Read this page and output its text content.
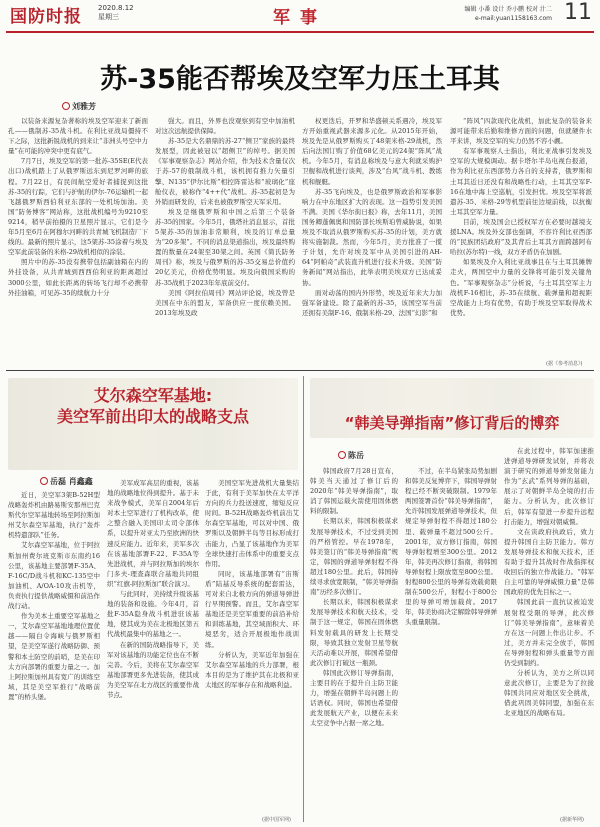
国防时报 2020.8.12
星期三	军事	编辑 小番 设计 乔小鹏 校对 汁二
e-mail:yuan1158163.com 11
苏-35能否帮埃及空军力压土耳其
刘雅芳

以装备来源复杂著称的埃及空军迎来了新面孔——俄制苏-35战斗机。在利比亚战局僵持不下之际，这批新锐战机的到来让“非洲头号空中力量”在可能的冲突中更有底气。

7月7日，埃及空军的第一批苏-35SE(E代表出口)战机踏上了从俄罗斯远东到尼罗河畔的旅程。7月22日，有民间航空爱好者捕捉到这批苏-35的行踪，它们与护航的伊尔-76运输机一起飞越俄罗斯西伯利亚东部的一处机场加油。美国“防务博客”网站称，这批战机编号为9210至9214，稍早前拍摄的卫星照片显示，它们是今年5月至6月在阿穆尔河畔的共青城飞机制造厂下线的。最新的照片显示，这5架苏-35涂着与埃及空军此前装备的米格-29战机相似的涂装。

照片中的苏-35没有携带包括副油箱在内的外挂设备，从共青城到西西伯利亚的距离超过3000公里，如此长距离的转场飞行却不必携带外挂油箱，可见苏-35的续航力十分

强大。而且，外界也没观察到有空中加油机对这次远航提供保障。

苏-35是大名鼎鼎的苏-27“侧卫”家族的最终发展型，因此被冠以“超侧卫”的绰号。据美国《军事观察杂志》网站介绍，作为技术含量仅次于苏-57的俄制战斗机，该机拥有推力矢量引擎、N135“伊尔比斯”相控阵雷达和“玻璃化”座舱仪表，被称作“4++代”战机。苏-35起初是为外销而研发的，后来也被俄罗斯空天军采用。

埃及是继俄罗斯和中国之后第三个装备苏-35的国家。今年5月，俄塔社消息显示，首批5架苏-35的加油非常顺利，埃及的订单总量为“20多架”。不同的消息渠道指出，埃及最终购置的数量在24架至30架之间。英国《简氏防务周刊》称，埃及与俄罗斯的苏-35交易总价值约20亿美元，价格优势明显。埃及向俄国采购的苏-35战机于2023年年底前交付。

美国《阿拉伯周刊》网站评论说，埃及曾是美国在中东的盟友，军备供应一度依赖美国。2013年埃及政

权更迭后，开罗和华盛顿关系遇冷，埃及军方开始重视武器来源多元化。从2015年开始，埃及先是从俄罗斯购买了48架米格-29战机，然后向法国订购了价值68亿美元的24架“阵风”战机。今年5月，有消息称埃及与意大利就采购护卫舰和战机进行谈判，涉及“台风”战斗机、教练机和舰艇。

苏-35飞向埃及，也是俄罗斯政治和军事影响力在中东地区扩大的表现。这一趋势引发美国不满。美国《华尔街日报》称，去年11月，美国国务卿蓬佩奥和国防部长埃斯珀曾威胁说，如果埃及不取消从俄罗斯购买苏-35的计划，美方就将实施制裁。然而，今年5月，美方批准了一揽子计划，允许对埃及军中从美国引进的AH-64“阿帕奇”武装直升机进行技术升级。美国“防务新闻”网站指出，此举表明美埃双方已达成妥协。

面对动荡的国内外形势，埃及近年来大力加强军备建设。除了最新的苏-35，该国空军当前还拥有美制F-16、俄制米格-29、法国“幻影”和

“阵风”四款现代化战机，加此复杂的装备来源可能带来后勤和维修方面的问题，但就硬件水平来讲，埃及空军的实力仍然不容小觑。

有军事观察人士指出，利比亚战事引发埃及空军的大规模调动。据卡塔尔半岛电视台报道，作为利比亚东西部势力各自的支持者，俄罗斯和土耳其近日还没有和战略性行动，土耳其空军F-16在地中海上空巡航，引发担忧。埃及空军将派遣苏-35、米格-29等机型前往边境前线，以抗衡土耳其空军力量。

目前，埃及国会已授权军方在必要时越境支援LNA。埃及外交部也强调，不容许利比亚西部的“民族团结政府”及其背后土耳其方面跨越阿布哈拉(苏尔特)一线，双方矛盾仍在加剧。

如果埃及介入利比亚战事且在与土耳其摊牌走火，两国空中力量的交锋将可能引发关键角色。“军事观察杂志”分析说，与土耳其空军主力战机F-16相比，苏-35在续航、载弹量和超视距空战能力上均有优势，有助于埃及空军取得战术优势。

(据《参考消息》)
艾尔森空军基地:
美空军前出印太的战略支点
岳磊 肖鑫鑫

近日，美空军3架B-52H型战略轰炸机由路易斯安那州巴克斯代尔空军基地转场至阿拉斯加州艾尔森空军基地，执行“轰炸机特遣部队”任务。

艾尔森空军基地，位于阿拉斯加州费尔班克斯市东南约16公里，该基地主要部署F-35A、F-16C/D战斗机和KC-135空中加油机、A/OA-10攻击机等，负责执行提供战略威慑和前沿作战行动。

作为美本土重要空军基地之一，艾尔森空军基地地理位置优越——隔白令海峡与俄罗斯相望，是美空军遂行战略防御、预警和本土防空的前哨，是美在印太方向部署的重要力量之一。加上阿拉斯加州具有宽广的训练空域，其是美空军推行“战略前置”的桥头堡。

美军成军高层的重视，该基地的战略地位得到提升。基于未来战争模式，美军自2004年后对本土空军进行了机构改革，使之整合融入美国印太司令部体系，以提升对亚太乃至欧洲的快速反应能力。近年来，美军多次在该基地部署F-22、F-35A等先进战机，并与阿拉斯加的埃尔门多夫-理查森联合基地共同组织“红旗-阿拉斯加”联合演习。

与此同时，美持续升级该基地的装备和设施。今年4月，首批F-35A隐身战斗机进驻该基地，使其成为美在北极地区第五代战机最集中的基地之一。

在新的国防战略指导下，美军对该基地的功能定位也在不断完善。今后，美将在艾尔森空军基地部署更多先进装备，使其成为美空军在北方战区的重要作战节点。

美国空军先进战机大量集结于此，有利于美军加快在太平洋方向的兵力投送速度，缩短反应时间。B-52H战略轰炸机前出艾尔森空军基地，可以对中国、俄罗斯以及朝鲜半岛等目标形成打击能力，凸显了该基地作为美军全球快速打击体系中的重要支点作用。

同时，该基地部署有“宙斯盾”陆基反导系统的配套雷达，可对来自北极方向的弹道导弹进行早期预警。而且，艾尔森空军基地还是美空军重要的前沿补给和训练基地，其空域面积大、环境恶劣，适合开展极地作战训练。

分析认为，美军近年加强在艾尔森空军基地的兵力部署，根本目的是为了维护其在北极和亚太地区的军事存在和战略利益。

(据中国军网)
“韩美导弹指南”修订背后的博弈
陈岳

韩国政府7月28日宣布，韩美当天通过了修订后的2020年“韩美导弹指南”，取消了韩国运载火箭使用固体燃料的限制。

长期以来，韩国积极谋求发展导弹技术，不过受到美国的严格管控。早在1978年，韩美签订的“韩美导弹指南”规定，韩国的弹道导弹射程不得超过180公里。此后，韩国持续寻求放宽限制，“韩美导弹指南”历经多次修订。

长期以来，韩国积极谋求发展导弹技术和航天技术，受制于这一规定，韩国在固体燃料发射载具的研发上长期受限，导致其独立发射卫星等航天活动难以开展，韩国希望借此次修订打破这一瓶颈。

韩国此次修订导弹指南，主要目的在于提升自主防卫能力，增强在朝鲜半岛问题上的话语权。同时，韩国也希望借此发展航天产业，以便在未来太空竞争中占据一席之地。

不过，在半岛紧张局势加剧和韩美反复博弈下，韩国导弹射程已经不断突破限制。1979年两国签署首份“韩美导弹指南”，允许韩国发展弹道导弹技术，但规定导弹射程不得超过180公里、载弹量不超过500公斤。2001年，双方修订指南，韩国导弹射程增至300公里。2012年，韩美再次修订指南，将韩国导弹射程上限放宽至800公里。射程800公里的导弹有效载荷限制在500公斤，射程小于800公里的导弹可增加载荷。2017年，韩美协商决定解除韩导弹弹头重量限制。

在此过程中，韩军加速推进弹道导弹研发试射，并将表演于研究的弹道导弹发射能力作为“玄武”系列导弹的基础，展示了对朝鲜半岛全境的打击能力。分析认为，此次修订后，韩军有望进一步提升远程打击能力，增强对朝威慑。

文在寅政府执政后，致力提升韩国自主防卫能力。韩方发展导弹技术和航天技术，还有助于提升其战时作战指挥权收回后的独立作战能力。“韩军自主可靠的导弹威慑力量”是韩国政府的优先目标之一。

韩国此前一直抗议被迫发展射程受限的导弹，此次修订“韩美导弹指南”，意味着美方在这一问题上作出让步。不过，美方并未完全放手，韩国在导弹射程和弹头重量等方面仍受到制约。

分析认为，美方之所以同意此次修订，主要是为了拉拢韩国共同应对地区安全挑战，借此巩固美韩同盟，加强在东北亚地区的战略布局。

(据新华网)
